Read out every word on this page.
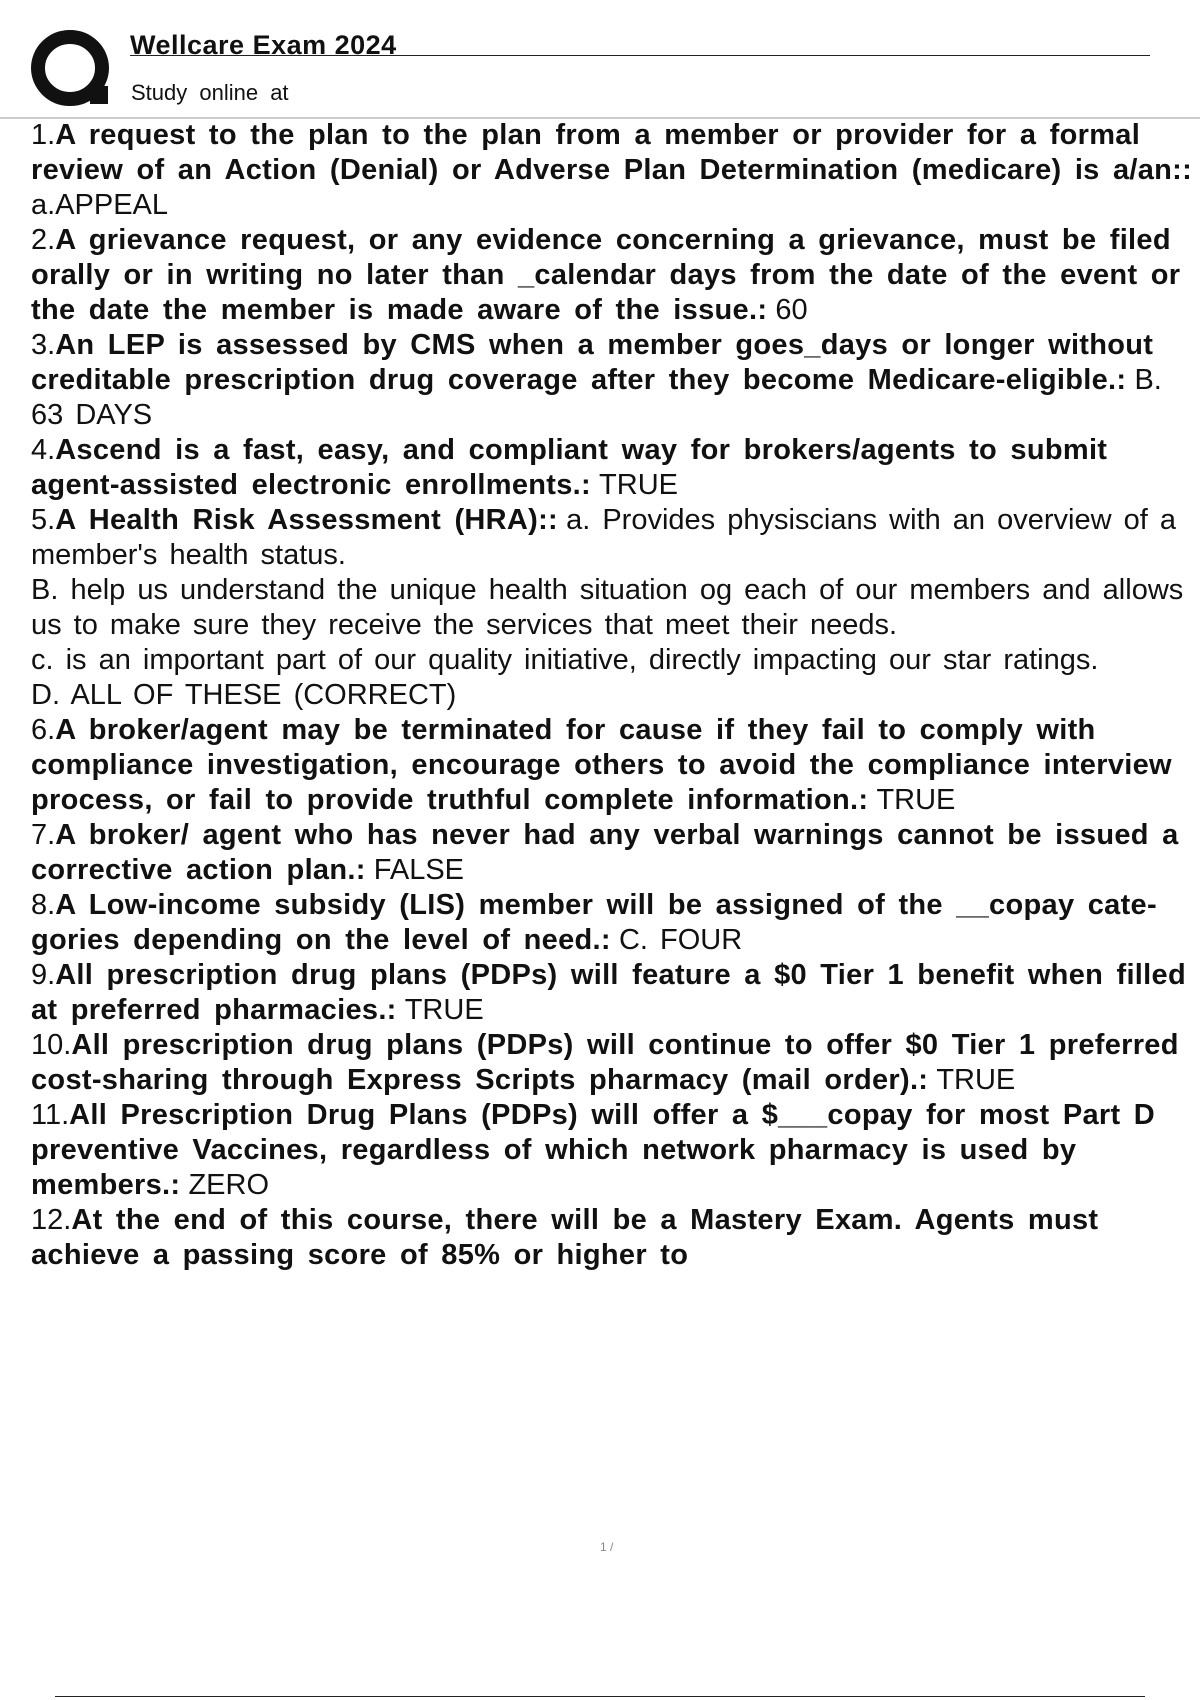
Wellcare Exam 2024
Study online at

1.A request to the plan to the plan from a member or provider for a formal review of an Action (Denial) or Adverse Plan Determination (medicare) is a/an:: a.APPEAL

2.A grievance request, or any evidence concerning a grievance, must be filed orally or in writing no later than _calendar days from the date of the event or the date the member is made aware of the issue.: 60

3.An LEP is assessed by CMS when a member goes_days or longer without creditable prescription drug coverage after they become Medicare-eligible.: B. 63 DAYS

4.Ascend is a fast, easy, and compliant way for brokers/agents to submit agent-assisted electronic enrollments.: TRUE

5.A Health Risk Assessment (HRA):: a. Provides physiscians with an overview of a member's health status.

B. help us understand the unique health situation og each of our members and allows us to make sure they receive the services that meet their needs.

c. is an important part of our quality initiative, directly impacting our star ratings.

D. ALL OF THESE (CORRECT)

6.A broker/agent may be terminated for cause if they fail to comply with compliance investigation, encourage others to avoid the compliance interview process, or fail to provide truthful complete information.: TRUE

7.A broker/ agent who has never had any verbal warnings cannot be issued a corrective action plan.: FALSE

8.A Low-income subsidy (LIS) member will be assigned of the __copay cate- gories depending on the level of need.: C. FOUR

9.All prescription drug plans (PDPs) will feature a $0 Tier 1 benefit when filled at preferred pharmacies.: TRUE

10.All prescription drug plans (PDPs) will continue to offer $0 Tier 1 preferred cost-sharing through Express Scripts pharmacy (mail order).: TRUE

11.All Prescription Drug Plans (PDPs) will offer a $___copay for most Part D preventive Vaccines, regardless of which network pharmacy is used by members.: ZERO

12.At the end of this course, there will be a Mastery Exam. Agents must achieve a passing score of 85% or higher to

1 /
